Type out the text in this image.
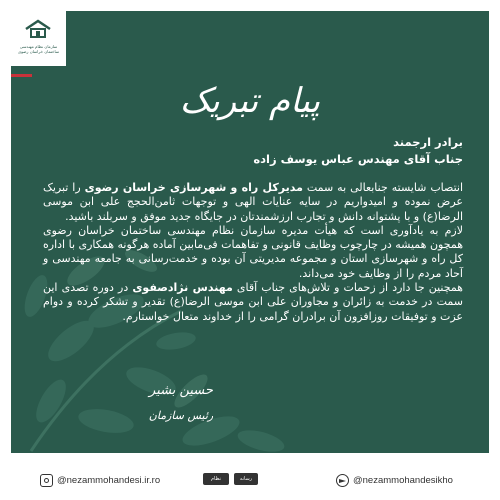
پیام تبریک
برادر ارجمند
جناب آقای مهندس عباس یوسف زاده

انتصاب شایسته جنابعالی به سمت مدیرکل راه و شهرسازی خراسان رضوی را تبریک عرض نموده و امیدواریم در سایه عنایات الهی و توجهات ثامن‌الحجج علی ابن موسی الرضا(ع) و با پشتوانه دانش و تجارب ارزشمندتان در جایگاه جدید موفق و سربلند باشید.

لازم به یادآوری است که هیأت مدیره سازمان نظام مهندسی ساختمان خراسان رضوی همچون همیشه در چارچوب وظایف قانونی و تفاهمات فی‌مابین آماده هرگونه همکاری با اداره کل راه و شهرسازی استان و مجموعه مدیریتی آن بوده و خدمت‌رسانی به جامعه مهندسی و آحاد مردم را از وظایف خود می‌داند.

همچنین جا دارد از زحمات و تلاش‌های جناب آقای مهندس نژادصفوی در دوره تصدی این سمت در خدمت به زائران و مجاوران علی ابن موسی الرضا(ع) تقدیر و تشکر کرده و دوام عزت و توفیقات روزافزون آن برادران گرامی را از خداوند متعال خواستارم.

حسین بشیر
رئیس سازمان
سازمان نظام مهندسی ساختمان خراسان رضوی
@nezammohandesi.ir.ro	نظام مهندسی
رسانه	@nezammohandesikho
